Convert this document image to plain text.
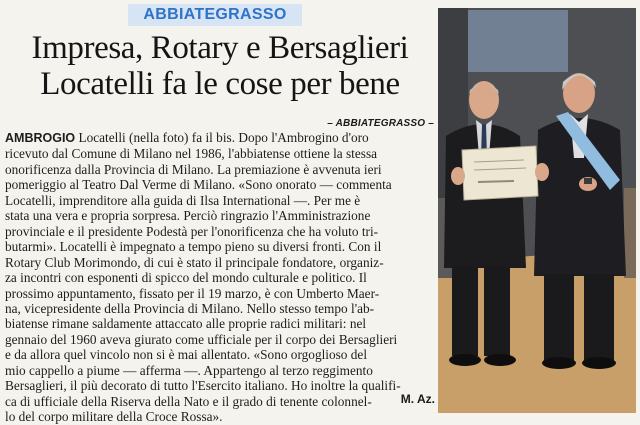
ABBIATEGRASSO
Impresa, Rotary e Bersaglieri
Locatelli fa le cose per bene
– ABBIATEGRASSO –
AMBROGIO Locatelli (nella foto) fa il bis. Dopo l'Ambrogino d'oro
ricevuto dal Comune di Milano nel 1986, l'abbiatense ottiene la stessa
onorificenza dalla Provincia di Milano. La premiazione è avvenuta ieri
pomeriggio al Teatro Dal Verme di Milano. «Sono onorato — commenta
Locatelli, imprenditore alla guida di Ilsa International —. Per me è
stata una vera e propria sorpresa. Perciò ringrazio l'Amministrazione
provinciale e il presidente Podestà per l'onorificenza che ha voluto tri-
butarmi». Locatelli è impegnato a tempo pieno su diversi fronti. Con il
Rotary Club Morimondo, di cui è stato il principale fondatore, organiz-
za incontri con esponenti di spicco del mondo culturale e politico. Il
prossimo appuntamento, fissato per il 19 marzo, è con Umberto Maer-
na, vicepresidente della Provincia di Milano. Nello stesso tempo l'ab-
biatense rimane saldamente attaccato alle proprie radici militari: nel
gennaio del 1960 aveva giurato come ufficiale per il corpo dei Bersaglieri
e da allora quel vincolo non si è mai allentato. «Sono orgoglioso del
mio cappello a piume — afferma —. Appartengo al terzo reggimento
Bersaglieri, il più decorato di tutto l'Esercito italiano. Ho inoltre la qualifi-
ca di ufficiale della Riserva della Nato e il grado di tenente colonnel-
lo del corpo militare della Croce Rossa».
M. Az.
